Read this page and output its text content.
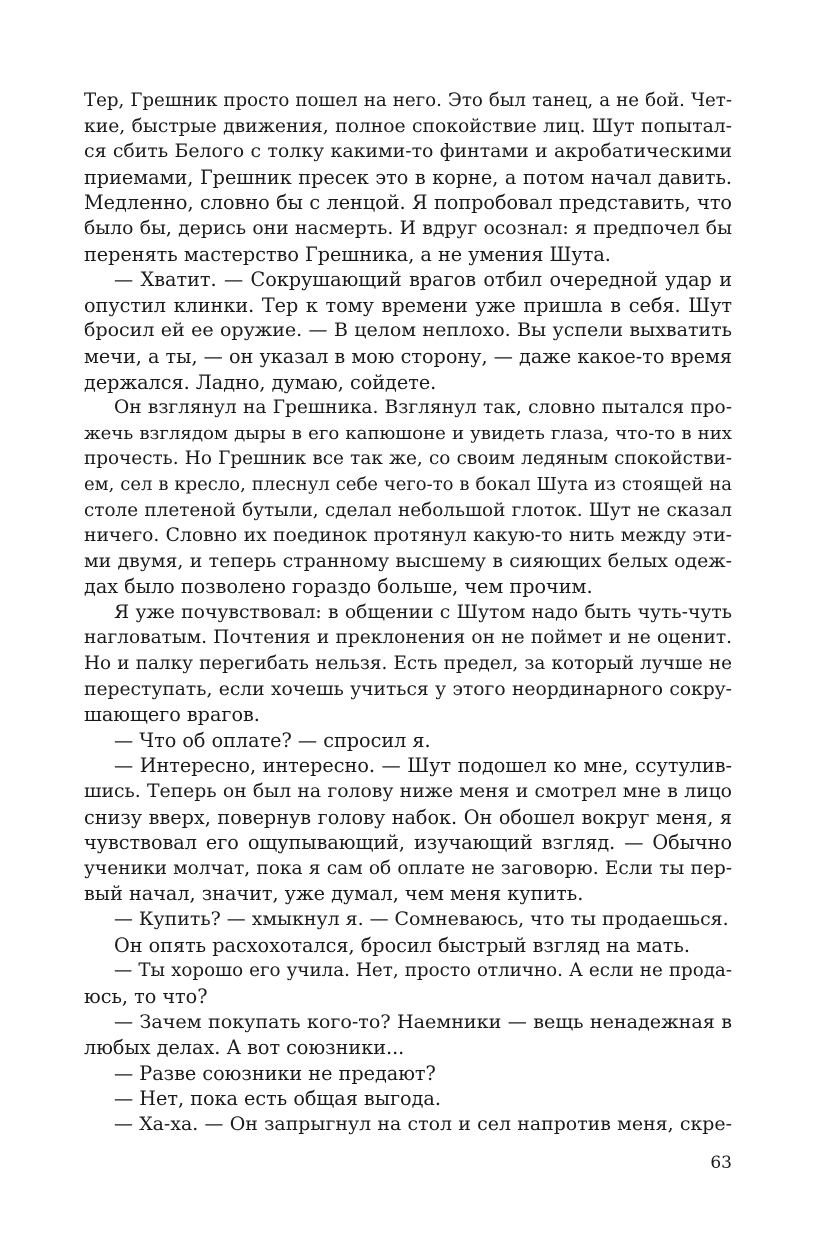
Тер, Грешник просто пошел на него. Это был танец, а не бой. Чет-
кие, быстрые движения, полное спокойствие лиц. Шут попытал-
ся сбить Белого с толку какими-то финтами и акробатическими
приемами, Грешник пресек это в корне, а потом начал давить.
Медленно, словно бы с ленцой. Я попробовал представить, что
было бы, дерись они насмерть. И вдруг осознал: я предпочел бы
перенять мастерство Грешника, а не умения Шута.
— Хватит. — Сокрушающий врагов отбил очередной удар и
опустил клинки. Тер к тому времени уже пришла в себя. Шут
бросил ей ее оружие. — В целом неплохо. Вы успели выхватить
мечи, а ты, — он указал в мою сторону, — даже какое-то время
держался. Ладно, думаю, сойдете.
Он взглянул на Грешника. Взглянул так, словно пытался про-
жечь взглядом дыры в его капюшоне и увидеть глаза, что-то в них
прочесть. Но Грешник все так же, со своим ледяным спокойстви-
ем, сел в кресло, плеснул себе чего-то в бокал Шута из стоящей на
столе плетеной бутыли, сделал небольшой глоток. Шут не сказал
ничего. Словно их поединок протянул какую-то нить между эти-
ми двумя, и теперь странному высшему в сияющих белых одеж-
дах было позволено гораздо больше, чем прочим.
Я уже почувствовал: в общении с Шутом надо быть чуть-чуть
нагловатым. Почтения и преклонения он не поймет и не оценит.
Но и палку перегибать нельзя. Есть предел, за который лучше не
переступать, если хочешь учиться у этого неординарного сокру-
шающего врагов.
— Что об оплате? — спросил я.
— Интересно, интересно. — Шут подошел ко мне, ссутулив-
шись. Теперь он был на голову ниже меня и смотрел мне в лицо
снизу вверх, повернув голову набок. Он обошел вокруг меня, я
чувствовал его ощупывающий, изучающий взгляд. — Обычно
ученики молчат, пока я сам об оплате не заговорю. Если ты пер-
вый начал, значит, уже думал, чем меня купить.
— Купить? — хмыкнул я. — Сомневаюсь, что ты продаешься.
Он опять расхохотался, бросил быстрый взгляд на мать.
— Ты хорошо его учила. Нет, просто отлично. А если не прода-
юсь, то что?
— Зачем покупать кого-то? Наемники — вещь ненадежная в
любых делах. А вот союзники...
— Разве союзники не предают?
— Нет, пока есть общая выгода.
— Ха-ха. — Он запрыгнул на стол и сел напротив меня, скре-
63
